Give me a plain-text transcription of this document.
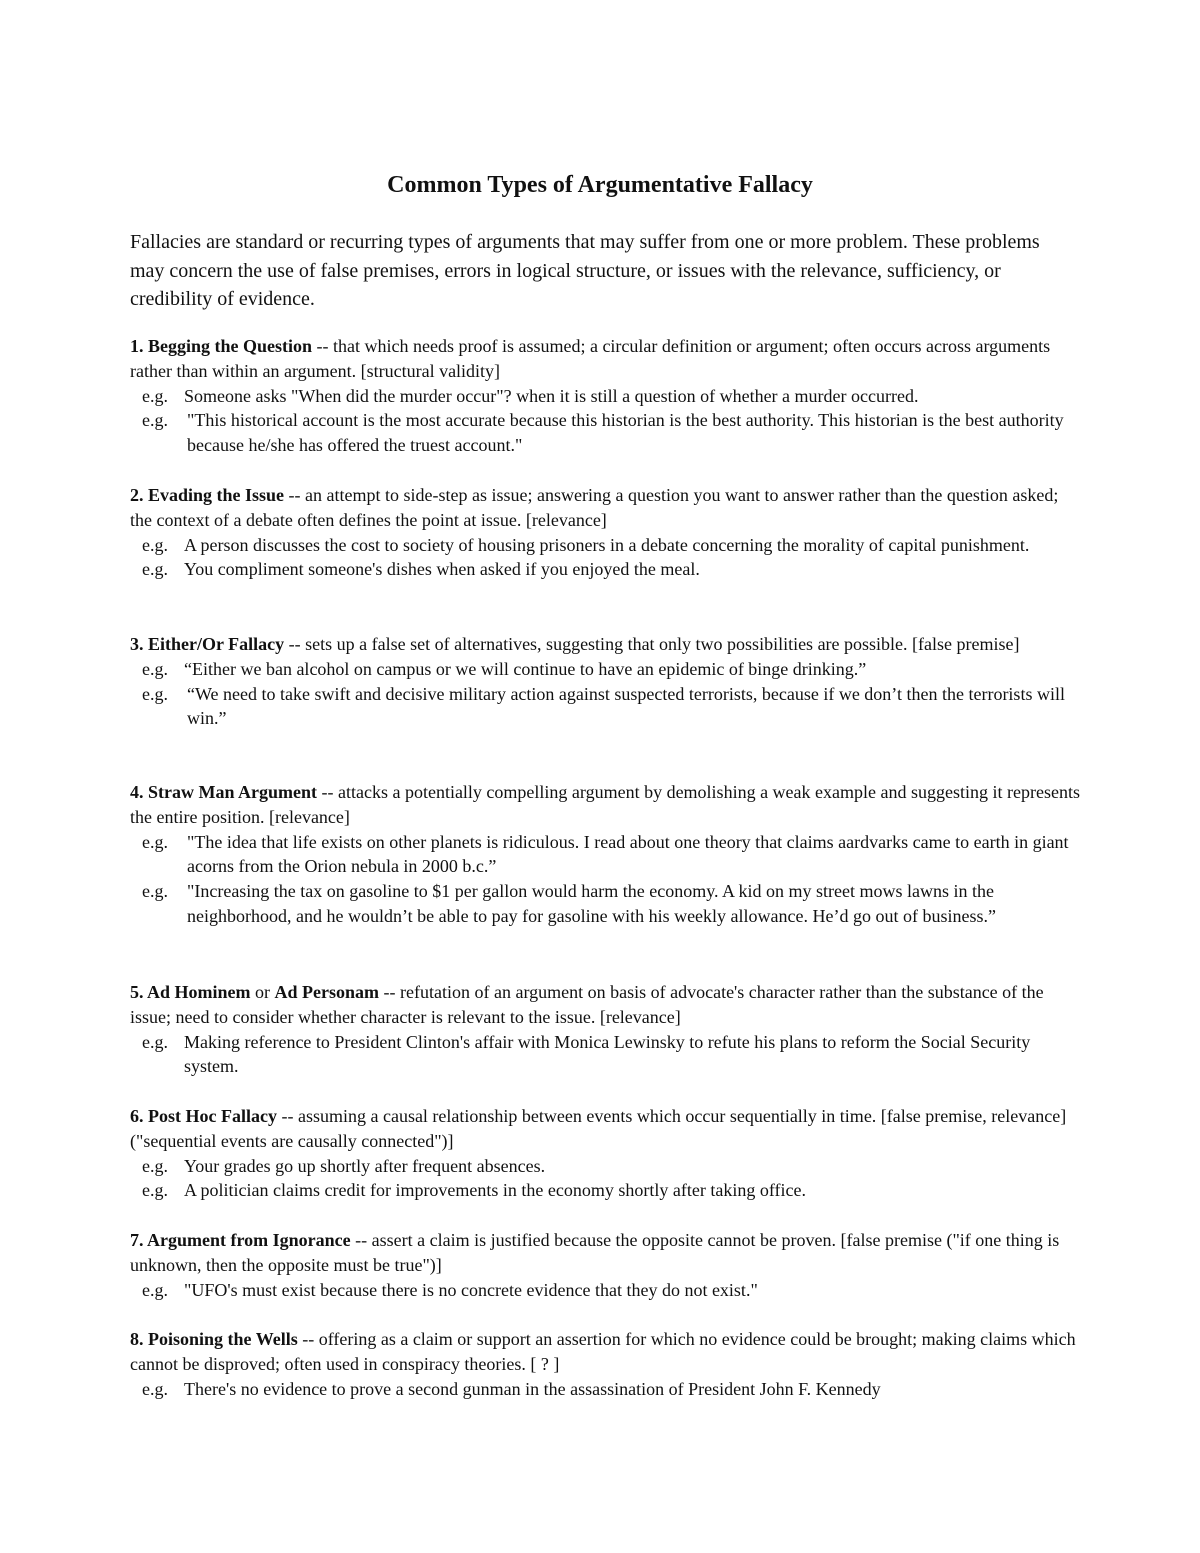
Common Types of Argumentative Fallacy
Fallacies are standard or recurring types of arguments that may suffer from one or more problem. These problems may concern the use of false premises, errors in logical structure, or issues with the relevance, sufficiency, or credibility of evidence.

1. Begging the Question -- that which needs proof is assumed; a circular definition or argument; often occurs across arguments rather than within an argument. [structural validity]

e.g. Someone asks "When did the murder occur"? when it is still a question of whether a murder occurred.
e.g. "This historical account is the most accurate because this historian is the best authority. This historian is the best authority because he/she has offered the truest account."

2. Evading the Issue -- an attempt to side-step as issue; answering a question you want to answer rather than the question asked; the context of a debate often defines the point at issue. [relevance]

e.g. A person discusses the cost to society of housing prisoners in a debate concerning the morality of capital punishment.
e.g. You compliment someone's dishes when asked if you enjoyed the meal.

3. Either/Or Fallacy -- sets up a false set of alternatives, suggesting that only two possibilities are possible. [false premise]

e.g. “Either we ban alcohol on campus or we will continue to have an epidemic of binge drinking.”
e.g. “We need to take swift and decisive military action against suspected terrorists, because if we don’t then the terrorists will win.”

4. Straw Man Argument -- attacks a potentially compelling argument by demolishing a weak example and suggesting it represents the entire position. [relevance]

e.g. "The idea that life exists on other planets is ridiculous. I read about one theory that claims aardvarks came to earth in giant acorns from the Orion nebula in 2000 b.c.”
e.g. "Increasing the tax on gasoline to $1 per gallon would harm the economy. A kid on my street mows lawns in the neighborhood, and he wouldn’t be able to pay for gasoline with his weekly allowance. He’d go out of business.”

5. Ad Hominem or Ad Personam -- refutation of an argument on basis of advocate's character rather than the substance of the issue; need to consider whether character is relevant to the issue. [relevance]

e.g. Making reference to President Clinton's affair with Monica Lewinsky to refute his plans to reform the Social Security system.

6. Post Hoc Fallacy -- assuming a causal relationship between events which occur sequentially in time. [false premise, relevance] ("sequential events are causally connected")]

e.g. Your grades go up shortly after frequent absences.
e.g. A politician claims credit for improvements in the economy shortly after taking office.

7. Argument from Ignorance -- assert a claim is justified because the opposite cannot be proven. [false premise ("if one thing is unknown, then the opposite must be true")]

e.g. "UFO's must exist because there is no concrete evidence that they do not exist."

8. Poisoning the Wells -- offering as a claim or support an assertion for which no evidence could be brought; making claims which cannot be disproved; often used in conspiracy theories. [ ? ]

e.g. There's no evidence to prove a second gunman in the assassination of President John F. Kennedy
